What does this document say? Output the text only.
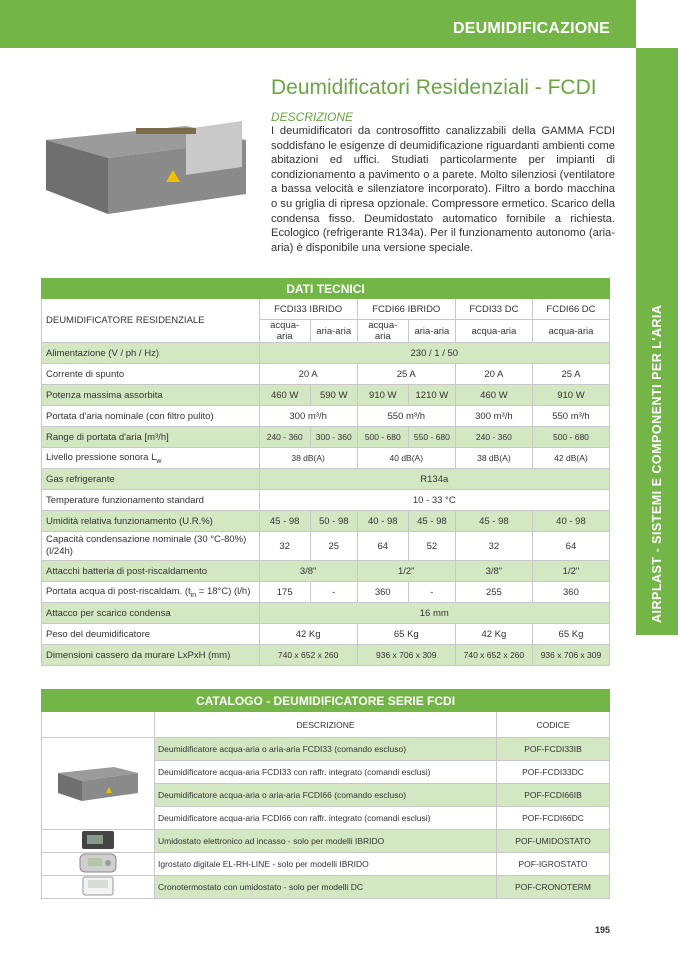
DEUMIDIFICAZIONE
AIRPLAST - SISTEMI E COMPONENTI PER L'ARIA
Deumidificatori Residenziali - FCDI
DESCRIZIONE
I deumidificatori da controsoffitto canalizzabili della GAMMA FCDI soddisfano le esigenze di deumidificazione riguardanti ambienti come abitazioni ed uffici. Studiati particolarmente per impianti di condizionamento a pavimento o a parete. Molto silenziosi (ventilatore a bassa velocità e silenziatore incorporato). Filtro a bordo macchina o su griglia di ripresa opzionale. Compressore ermetico. Scarico della condensa fisso. Deumidostato automatico fornibile a richiesta. Ecologico (refrigerante R134a). Per il funzionamento autonomo (aria-aria) è disponibile una versione speciale.
DATI TECNICI						
DEUMIDIFICATORE RESIDENZIALE	FCDI33 IBRIDO		FCDI66 IBRIDO		FCDI33 DC	FCDI66 DC
	acqua-aria	aria-aria	acqua-aria	aria-aria	acqua-aria	acqua-aria
Alimentazione (V / ph / Hz)	230 / 1 / 50					
Corrente di spunto	20 A		25 A		20 A	25 A
Potenza massima assorbita	460 W	590 W	910 W	1210 W	460 W	910 W
Portata d'aria nominale (con filtro pulito)	300 m³/h		550 m³/h		300 m³/h	550 m³/h
Range di portata d'aria [m³/h]	240 - 360	300 - 360	500 - 680	550 - 680	240 - 360	500 - 680
Livello pressione sonora $L_w$	38 dB(A)		40 dB(A)		38 dB(A)	42 dB(A)
Gas refrigerante	R134a					
Temperature funzionamento standard	10 - 33 °C					
Umidità relativa funzionamento (U.R.%)	45 - 98	50 - 98	40 - 98	45 - 98	45 - 98	40 - 98
Capacità condensazione nominale (30 °C-80%) (l/24h)	32	25	64	52	32	64
Attacchi batteria di post-riscaldamento	3/8"		1/2"		3/8"	1/2"
Portata acqua di post-riscaldam. $(t_{in} = 18^\circ C)$ (l/h)	175	-	360	-	255	360
Attacco per scarico condensa	16 mm					
Peso del deumidificatore	42 Kg		65 Kg		42 Kg	65 Kg
Dimensioni cassero da murare LxPxH (mm)	740 x 652 x 260		936 x 706 x 309		740 x 652 x 260	936 x 706 x 309
CATALOGO - DEUMIDIFICATORE SERIE FCDI		
	DESCRIZIONE	CODICE
	Deumidificatore acqua-aria o aria-aria FCDI33 (comando escluso)	POF-FCDI33IB
	Deumidificatore acqua-aria FCDI33 con raffr. integrato (comandi esclusi)	POF-FCDI33DC
	Deumidificatore acqua-aria o aria-aria FCDI66 (comando escluso)	POF-FCDI66IB
	Deumidificatore acqua-aria FCDI66 con raffr. integrato (comandi esclusi)	POF-FCDI66DC
	Umidostato elettronico ad incasso - solo per modelli IBRIDO	POF-UMIDOSTATO
	Igrostato digitale EL-RH-LINE - solo per modelli IBRIDO	POF-IGROSTATO
	Cronotermostato con umidostato - solo per modelli DC	POF-CRONOTERM
195
